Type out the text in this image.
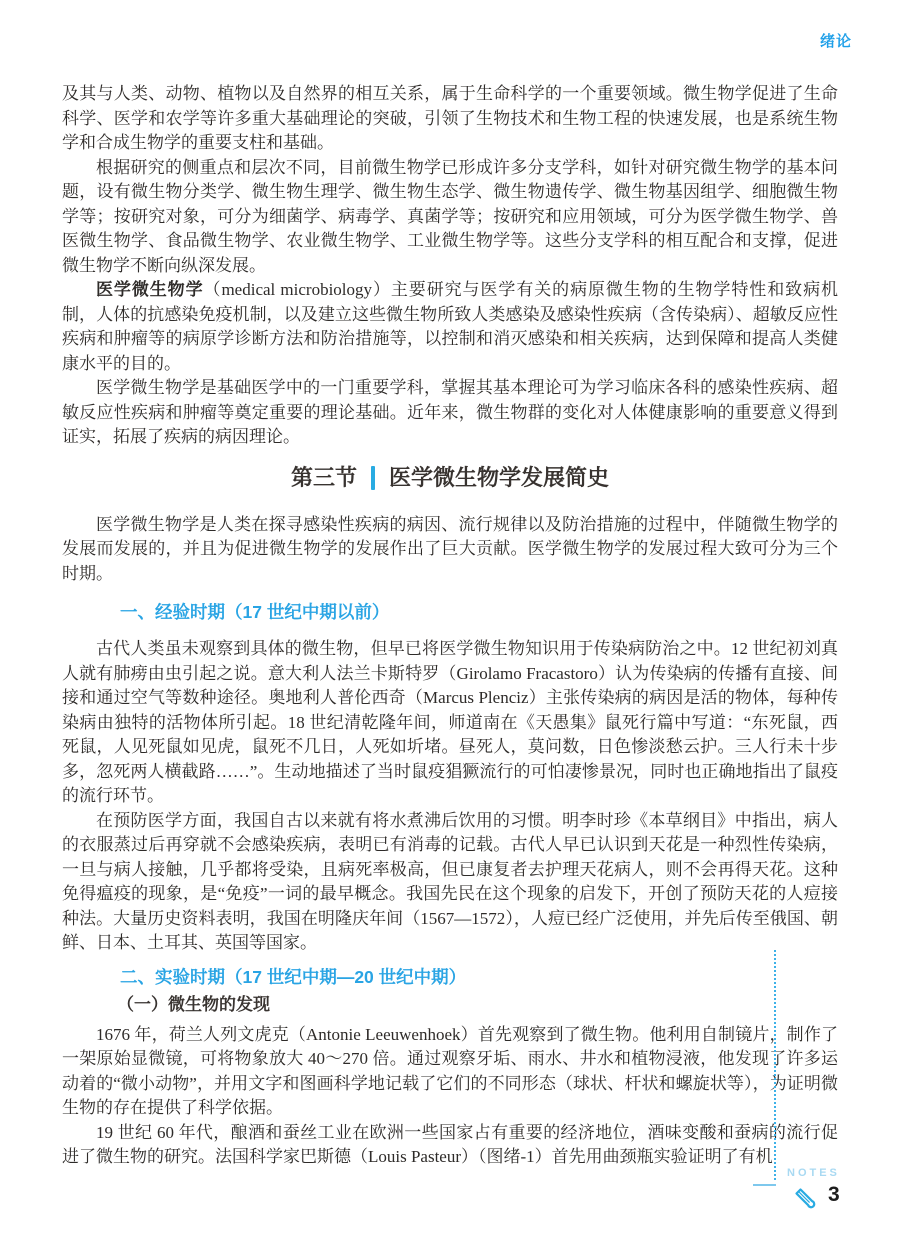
绪论

及其与人类、动物、植物以及自然界的相互关系，属于生命科学的一个重要领域。微生物学促进了生命科学、医学和农学等许多重大基础理论的突破，引领了生物技术和生物工程的快速发展，也是系统生物学和合成生物学的重要支柱和基础。

根据研究的侧重点和层次不同，目前微生物学已形成许多分支学科，如针对研究微生物学的基本问题，设有微生物分类学、微生物生理学、微生物生态学、微生物遗传学、微生物基因组学、细胞微生物学等；按研究对象，可分为细菌学、病毒学、真菌学等；按研究和应用领域，可分为医学微生物学、兽医微生物学、食品微生物学、农业微生物学、工业微生物学等。这些分支学科的相互配合和支撑，促进微生物学不断向纵深发展。

医学微生物学（medical microbiology）主要研究与医学有关的病原微生物的生物学特性和致病机制，人体的抗感染免疫机制，以及建立这些微生物所致人类感染及感染性疾病（含传染病）、超敏反应性疾病和肿瘤等的病原学诊断方法和防治措施等，以控制和消灭感染和相关疾病，达到保障和提高人类健康水平的目的。

医学微生物学是基础医学中的一门重要学科，掌握其基本理论可为学习临床各科的感染性疾病、超敏反应性疾病和肿瘤等奠定重要的理论基础。近年来，微生物群的变化对人体健康影响的重要意义得到证实，拓展了疾病的病因理论。

第三节 医学微生物学发展简史

医学微生物学是人类在探寻感染性疾病的病因、流行规律以及防治措施的过程中，伴随微生物学的发展而发展的，并且为促进微生物学的发展作出了巨大贡献。医学微生物学的发展过程大致可分为三个时期。

一、经验时期（17 世纪中期以前）

古代人类虽未观察到具体的微生物，但早已将医学微生物知识用于传染病防治之中。12 世纪初刘真人就有肺痨由虫引起之说。意大利人法兰卡斯特罗（Girolamo Fracastoro）认为传染病的传播有直接、间接和通过空气等数种途径。奥地利人普伦西奇（Marcus Plenciz）主张传染病的病因是活的物体，每种传染病由独特的活物体所引起。18 世纪清乾隆年间，师道南在《天愚集》鼠死行篇中写道：“东死鼠，西死鼠，人见死鼠如见虎，鼠死不几日，人死如圻堵。昼死人，莫问数，日色惨淡愁云护。三人行未十步多，忽死两人横截路……”。生动地描述了当时鼠疫猖獗流行的可怕凄惨景况，同时也正确地指出了鼠疫的流行环节。

在预防医学方面，我国自古以来就有将水煮沸后饮用的习惯。明李时珍《本草纲目》中指出，病人的衣服蒸过后再穿就不会感染疾病，表明已有消毒的记载。古代人早已认识到天花是一种烈性传染病，一旦与病人接触，几乎都将受染，且病死率极高，但已康复者去护理天花病人，则不会再得天花。这种免得瘟疫的现象，是“免疫”一词的最早概念。我国先民在这个现象的启发下，开创了预防天花的人痘接种法。大量历史资料表明，我国在明隆庆年间（1567—1572），人痘已经广泛使用，并先后传至俄国、朝鲜、日本、土耳其、英国等国家。

二、实验时期（17 世纪中期—20 世纪中期）
（一）微生物的发现

1676 年，荷兰人列文虎克（Antonie Leeuwenhoek）首先观察到了微生物。他利用自制镜片，制作了一架原始显微镜，可将物象放大 40～270 倍。通过观察牙垢、雨水、井水和植物浸液，他发现了许多运动着的“微小动物”，并用文字和图画科学地记载了它们的不同形态（球状、杆状和螺旋状等），为证明微生物的存在提供了科学依据。

19 世纪 60 年代，酿酒和蚕丝工业在欧洲一些国家占有重要的经济地位，酒味变酸和蚕病的流行促进了微生物的研究。法国科学家巴斯德（Louis Pasteur）（图绪-1）首先用曲颈瓶实验证明了有机

NOTES
3
